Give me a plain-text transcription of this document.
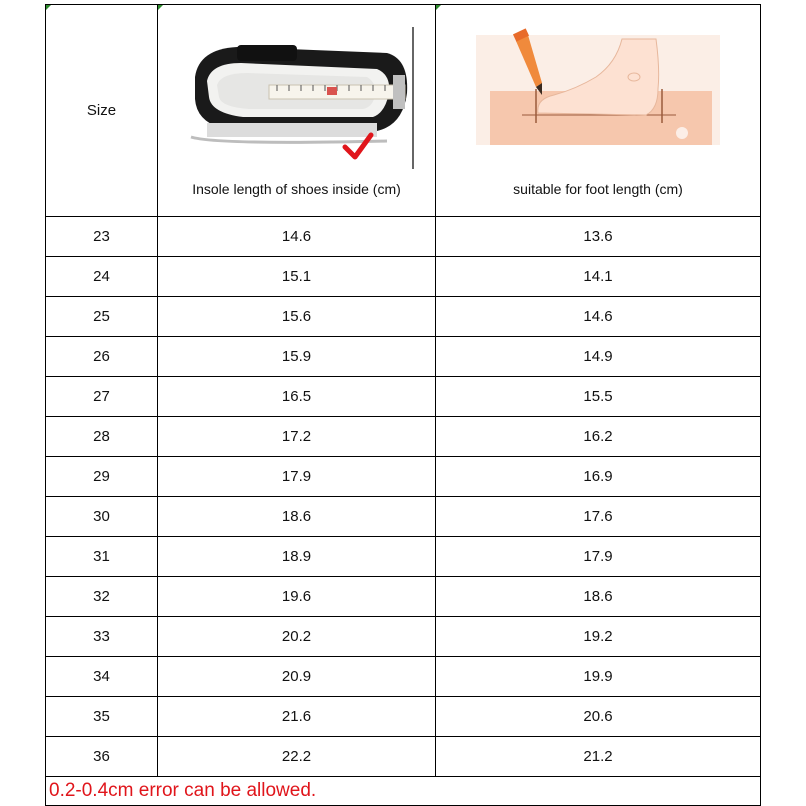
Size	Insole length of shoes inside (cm)	suitable for foot length (cm)

23	14.6	13.6
24	15.1	14.1
25	15.6	14.6
26	15.9	14.9
27	16.5	15.5
28	17.2	16.2
29	17.9	16.9
30	18.6	17.6
31	18.9	17.9
32	19.6	18.6
33	20.2	19.2
34	20.9	19.9
35	21.6	20.6
36	22.2	21.2
0.2-0.4cm error can be allowed.		
